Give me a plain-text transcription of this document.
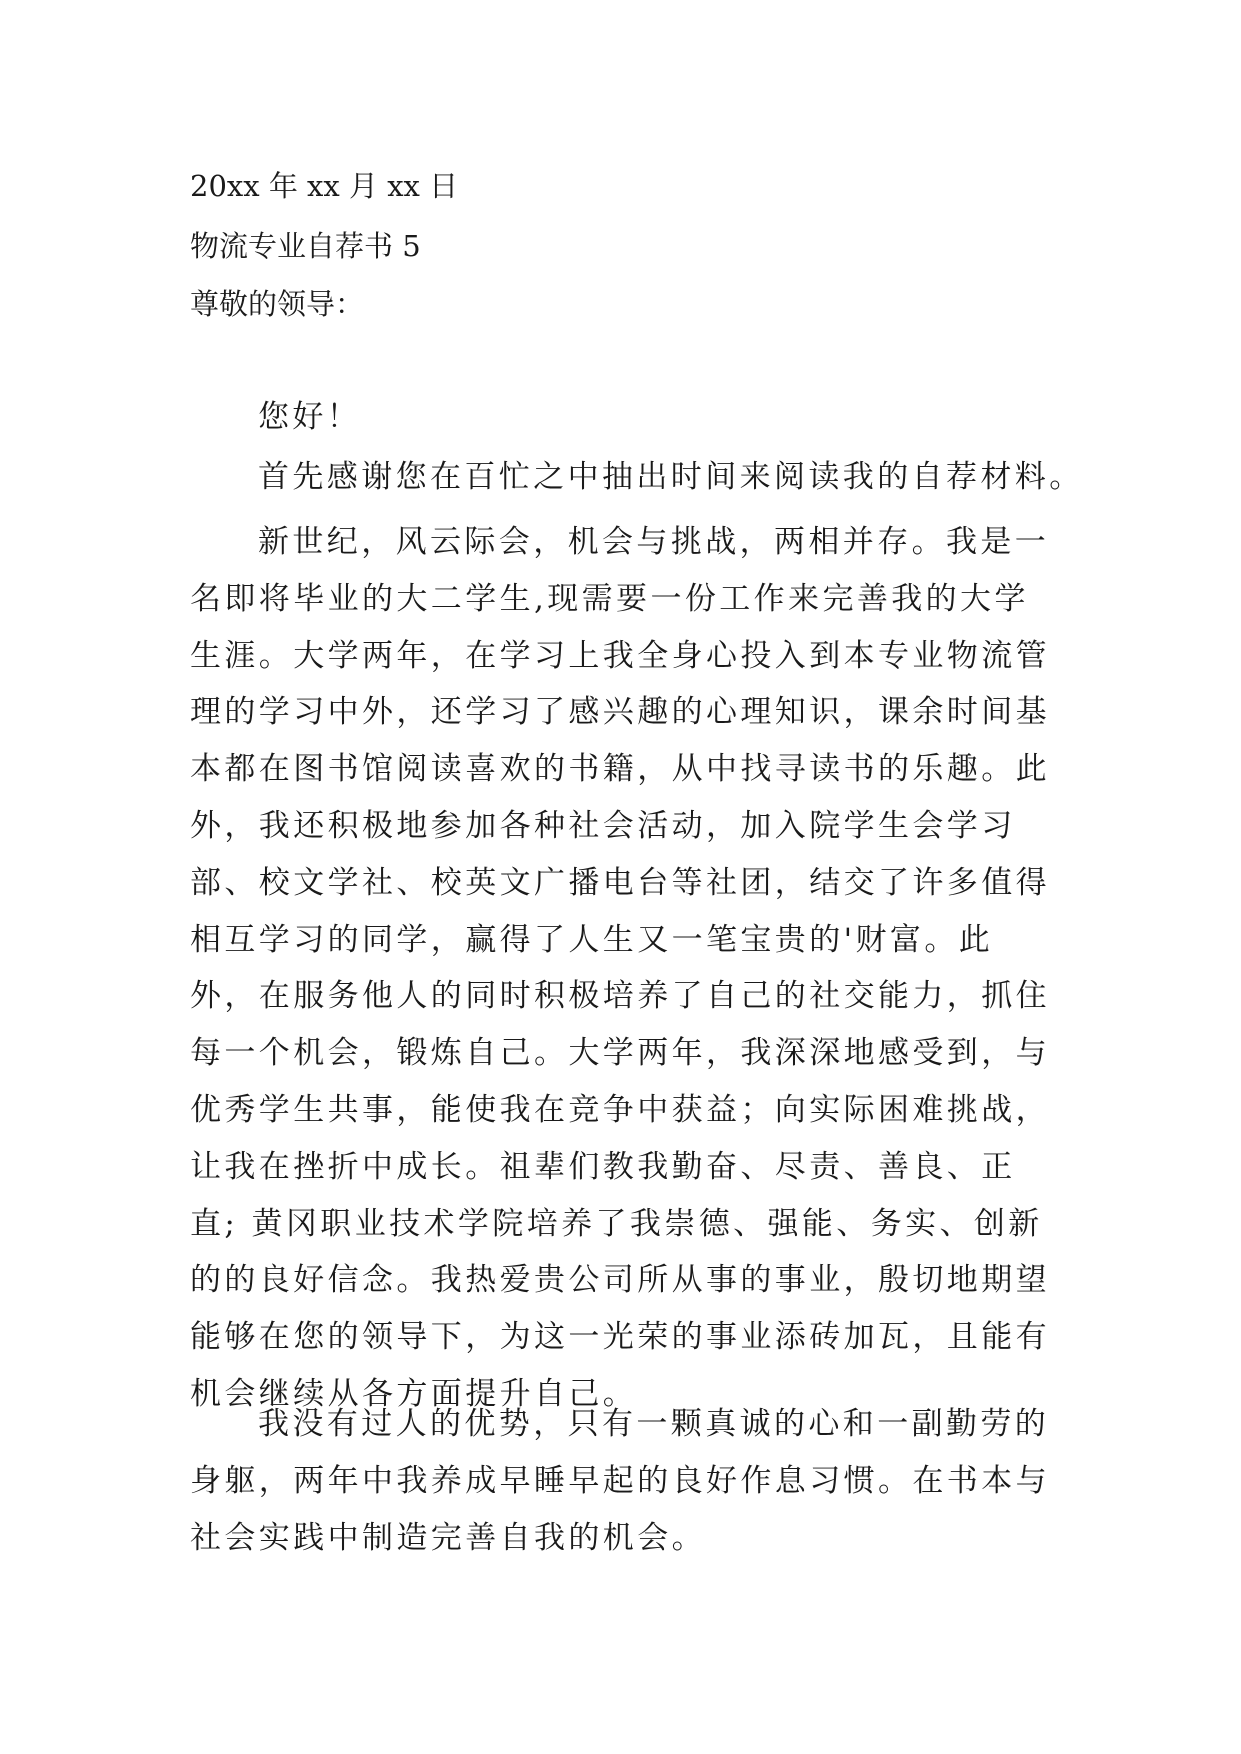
20xx 年 xx 月 xx 日
物流专业自荐书 5
尊敬的领导：
您好！
首先感谢您在百忙之中抽出时间来阅读我的自荐材料。
新世纪，风云际会，机会与挑战，两相并存。我是一名即将毕业的大二学生,现需要一份工作来完善我的大学生涯。大学两年，在学习上我全身心投入到本专业物流管理的学习中外，还学习了感兴趣的心理知识，课余时间基本都在图书馆阅读喜欢的书籍，从中找寻读书的乐趣。此外，我还积极地参加各种社会活动，加入院学生会学习部、校文学社、校英文广播电台等社团，结交了许多值得相互学习的同学，赢得了人生又一笔宝贵的'财富。此外，在服务他人的同时积极培养了自己的社交能力，抓住每一个机会，锻炼自己。大学两年，我深深地感受到，与优秀学生共事，能使我在竞争中获益；向实际困难挑战，让我在挫折中成长。祖辈们教我勤奋、尽责、善良、正直; 黄冈职业技术学院培养了我崇德、强能、务实、创新的的良好信念。我热爱贵公司所从事的事业，殷切地期望能够在您的领导下，为这一光荣的事业添砖加瓦，且能有机会继续从各方面提升自己。
我没有过人的优势，只有一颗真诚的心和一副勤劳的身躯，两年中我养成早睡早起的良好作息习惯。在书本与社会实践中制造完善自我的机会。
